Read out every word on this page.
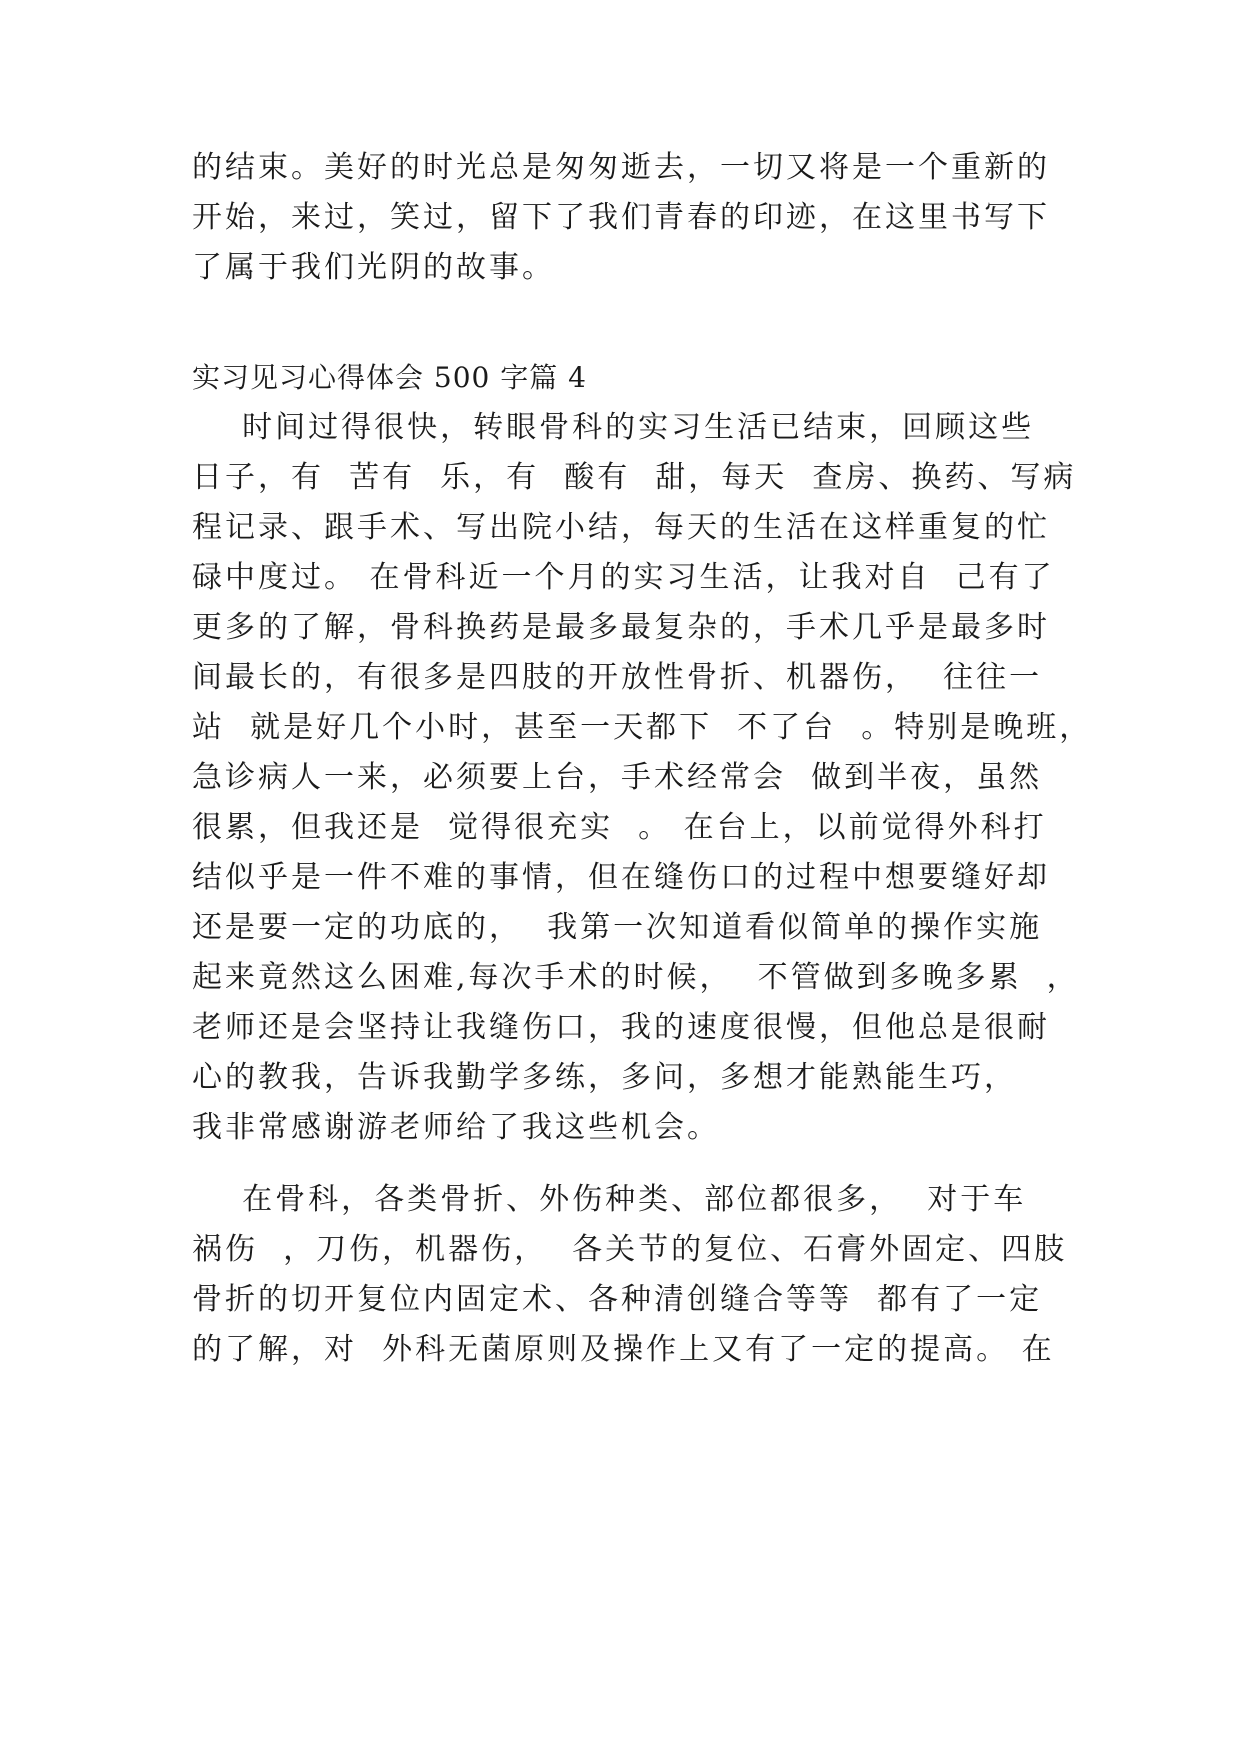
的结束。美好的时光总是匆匆逝去，一切又将是一个重新的
开始，来过，笑过，留下了我们青春的印迹，在这里书写下
了属于我们光阴的故事。
实习见习心得体会 500 字篇 4
时间过得很快，转眼骨科的实习生活已结束，回顾这些
日子，有  苦有  乐，有  酸有  甜，每天  查房、换药、写病
程记录、跟手术、写出院小结，每天的生活在这样重复的忙
碌中度过。 在骨科近一个月的实习生活，让我对自  己有了
更多的了解，骨科换药是最多最复杂的，手术几乎是最多时
间最长的，有很多是四肢的开放性骨折、机器伤，  往往一
站  就是好几个小时，甚至一天都下  不了台  。特别是晚班，
急诊病人一来，必须要上台，手术经常会  做到半夜，虽然
很累，但我还是  觉得很充实  。 在台上，以前觉得外科打
结似乎是一件不难的事情，但在缝伤口的过程中想要缝好却
还是要一定的功底的，  我第一次知道看似简单的操作实施
起来竟然这么困难,每次手术的时候，  不管做到多晚多累  ，
老师还是会坚持让我缝伤口，我的速度很慢，但他总是很耐
心的教我，告诉我勤学多练，多问，多想才能熟能生巧，
我非常感谢游老师给了我这些机会。
在骨科，各类骨折、外伤种类、部位都很多，  对于车
祸伤  ，刀伤，机器伤，  各关节的复位、石膏外固定、四肢
骨折的切开复位内固定术、各种清创缝合等等  都有了一定
的了解，对  外科无菌原则及操作上又有了一定的提高。 在
